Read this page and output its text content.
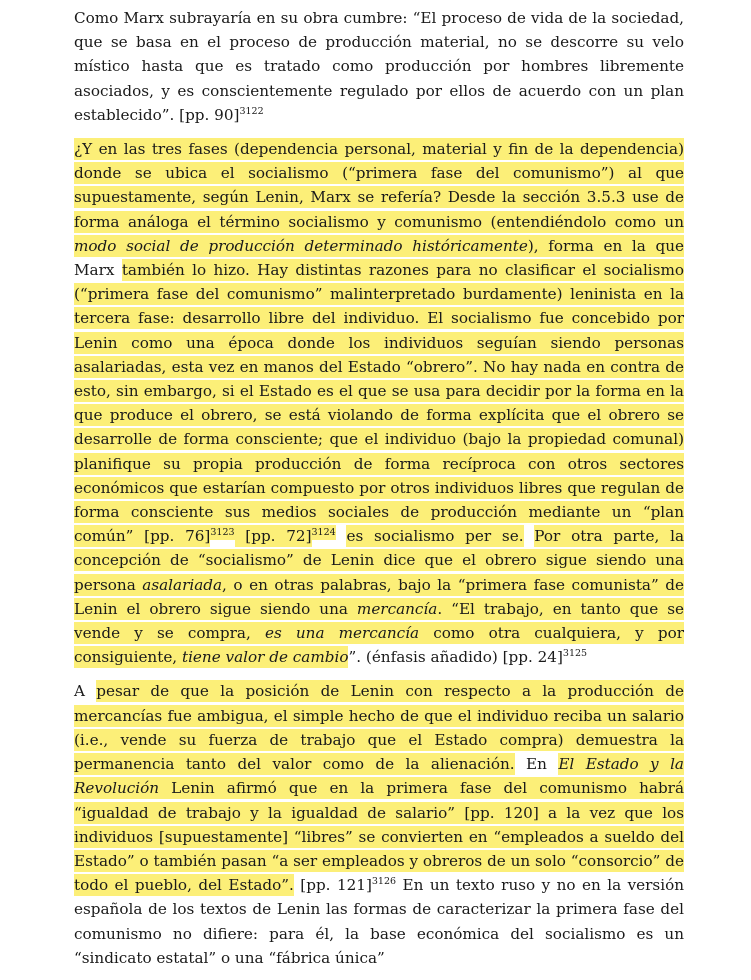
Como Marx subrayaría en su obra cumbre: “El proceso de vida de la sociedad, que se basa en el proceso de producción material, no se descorre su velo místico hasta que es tratado como producción por hombres libremente asociados, y es conscientemente regulado por ellos de acuerdo con un plan establecido”. [pp. 90]$^{3122}$

¿Y en las tres fases (dependencia personal, material y fin de la dependencia) donde se ubica el socialismo (“primera fase del comunismo”) al que supuestamente, según Lenin, Marx se refería? Desde la sección 3.5.3 use de forma análoga el término socialismo y comunismo (entendiéndolo como un modo social de producción determinado históricamente), forma en la que Marx también lo hizo. Hay distintas razones para no clasificar el socialismo (“primera fase del comunismo” malinterpretado burdamente) leninista en la tercera fase: desarrollo libre del individuo. El socialismo fue concebido por Lenin como una época donde los individuos seguían siendo personas asalariadas, esta vez en manos del Estado “obrero”. No hay nada en contra de esto, sin embargo, si el Estado es el que se usa para decidir por la forma en la que produce el obrero, se está violando de forma explícita que el obrero se desarrolle de forma consciente; que el individuo (bajo la propiedad comunal) planifique su propia producción de forma recíproca con otros sectores económicos que estarían compuesto por otros individuos libres que regulan de forma consciente sus medios sociales de producción mediante un “plan común” [pp. 76]$^{3123}$ [pp. 72]$^{3124}$ es socialismo per se. Por otra parte, la concepción de “socialismo” de Lenin dice que el obrero sigue siendo una persona asalariada, o en otras palabras, bajo la “primera fase comunista” de Lenin el obrero sigue siendo una mercancía. “El trabajo, en tanto que se vende y se compra, es una mercancía como otra cualquiera, y por consiguiente, tiene valor de cambio”. (énfasis añadido) [pp. 24]$^{3125}$

A pesar de que la posición de Lenin con respecto a la producción de mercancías fue ambigua, el simple hecho de que el individuo reciba un salario (i.e., vende su fuerza de trabajo que el Estado compra) demuestra la permanencia tanto del valor como de la alienación. En El Estado y la Revolución Lenin afirmó que en la primera fase del comunismo habrá “igualdad de trabajo y la igualdad de salario” [pp. 120] a la vez que los individuos [supuestamente] “libres” se convierten en “empleados a sueldo del Estado” o también pasan “a ser empleados y obreros de un solo “consorcio” de todo el pueblo, del Estado”. [pp. 121]$^{3126}$ En un texto ruso y no en la versión española de los textos de Lenin las formas de caracterizar la primera fase del comunismo no difiere: para él, la base económica del socialismo es un “sindicato estatal” o una “fábrica única”
